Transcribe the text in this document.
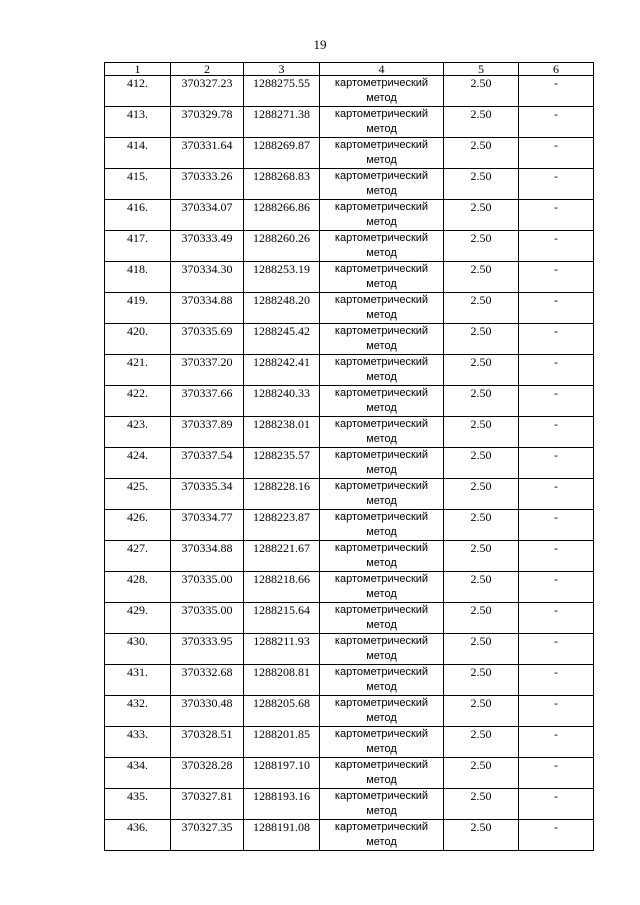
19
1	2	3	4	5	6
412.	370327.23	1288275.55	картометрический метод	2.50	-
413.	370329.78	1288271.38	картометрический метод	2.50	-
414.	370331.64	1288269.87	картометрический метод	2.50	-
415.	370333.26	1288268.83	картометрический метод	2.50	-
416.	370334.07	1288266.86	картометрический метод	2.50	-
417.	370333.49	1288260.26	картометрический метод	2.50	-
418.	370334.30	1288253.19	картометрический метод	2.50	-
419.	370334.88	1288248.20	картометрический метод	2.50	-
420.	370335.69	1288245.42	картометрический метод	2.50	-
421.	370337.20	1288242.41	картометрический метод	2.50	-
422.	370337.66	1288240.33	картометрический метод	2.50	-
423.	370337.89	1288238.01	картометрический метод	2.50	-
424.	370337.54	1288235.57	картометрический метод	2.50	-
425.	370335.34	1288228.16	картометрический метод	2.50	-
426.	370334.77	1288223.87	картометрический метод	2.50	-
427.	370334.88	1288221.67	картометрический метод	2.50	-
428.	370335.00	1288218.66	картометрический метод	2.50	-
429.	370335.00	1288215.64	картометрический метод	2.50	-
430.	370333.95	1288211.93	картометрический метод	2.50	-
431.	370332.68	1288208.81	картометрический метод	2.50	-
432.	370330.48	1288205.68	картометрический метод	2.50	-
433.	370328.51	1288201.85	картометрический метод	2.50	-
434.	370328.28	1288197.10	картометрический метод	2.50	-
435.	370327.81	1288193.16	картометрический метод	2.50	-
436.	370327.35	1288191.08	картометрический метод	2.50	-
